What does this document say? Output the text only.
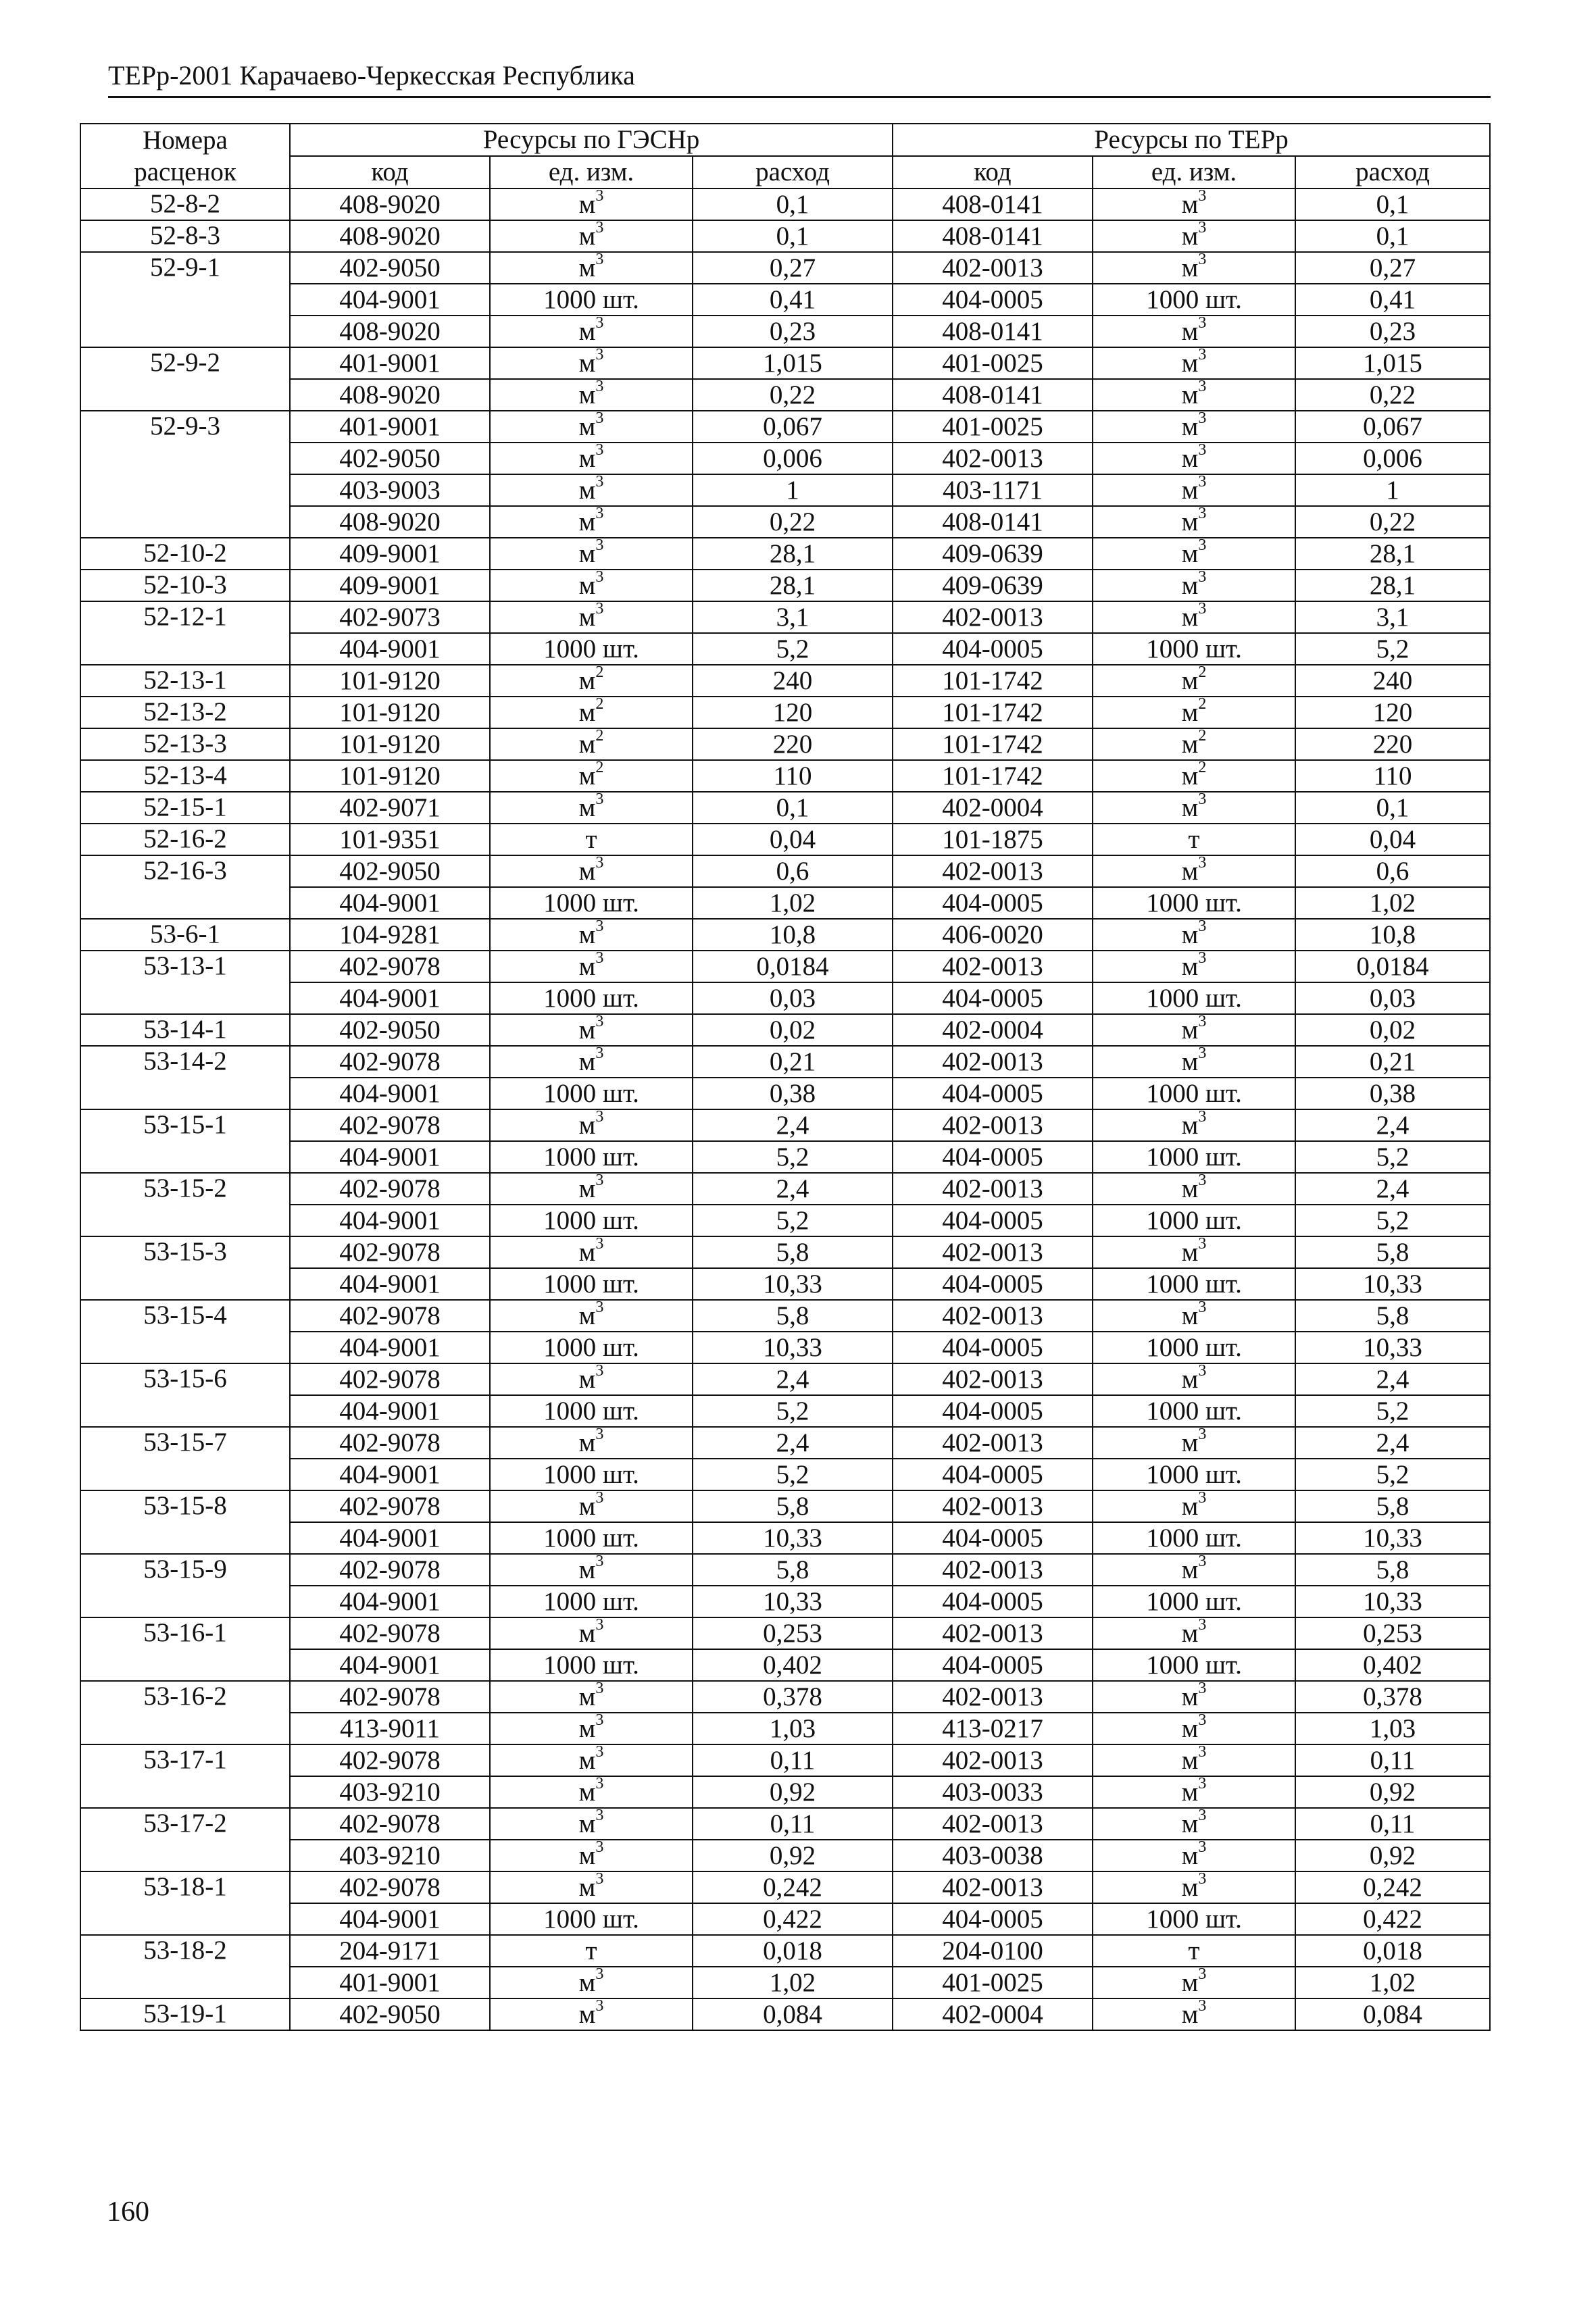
ТЕРр-2001 Карачаево-Черкесская Республика
Номера	Ресурсы по ГЭСНр			Ресурсы по ТЕРр		
расценок	код	ед. изм.	расход	код	ед. изм.	расход
52-8-2	408-9020	$м^3$	0,1	408-0141	$м^3$	0,1
52-8-3	408-9020	$м^3$	0,1	408-0141	$м^3$	0,1
52-9-1	402-9050	$м^3$	0,27	402-0013	$м^3$	0,27
	404-9001	1000 шт.	0,41	404-0005	1000 шт.	0,41
	408-9020	$м^3$	0,23	408-0141	$м^3$	0,23
52-9-2	401-9001	$м^3$	1,015	401-0025	$м^3$	1,015
	408-9020	$м^3$	0,22	408-0141	$м^3$	0,22
52-9-3	401-9001	$м^3$	0,067	401-0025	$м^3$	0,067
	402-9050	$м^3$	0,006	402-0013	$м^3$	0,006
	403-9003	$м^3$	1	403-1171	$м^3$	1
	408-9020	$м^3$	0,22	408-0141	$м^3$	0,22
52-10-2	409-9001	$м^3$	28,1	409-0639	$м^3$	28,1
52-10-3	409-9001	$м^3$	28,1	409-0639	$м^3$	28,1
52-12-1	402-9073	$м^3$	3,1	402-0013	$м^3$	3,1
	404-9001	1000 шт.	5,2	404-0005	1000 шт.	5,2
52-13-1	101-9120	$м^2$	240	101-1742	$м^2$	240
52-13-2	101-9120	$м^2$	120	101-1742	$м^2$	120
52-13-3	101-9120	$м^2$	220	101-1742	$м^2$	220
52-13-4	101-9120	$м^2$	110	101-1742	$м^2$	110
52-15-1	402-9071	$м^3$	0,1	402-0004	$м^3$	0,1
52-16-2	101-9351	т	0,04	101-1875	т	0,04
52-16-3	402-9050	$м^3$	0,6	402-0013	$м^3$	0,6
	404-9001	1000 шт.	1,02	404-0005	1000 шт.	1,02
53-6-1	104-9281	$м^3$	10,8	406-0020	$м^3$	10,8
53-13-1	402-9078	$м^3$	0,0184	402-0013	$м^3$	0,0184
	404-9001	1000 шт.	0,03	404-0005	1000 шт.	0,03
53-14-1	402-9050	$м^3$	0,02	402-0004	$м^3$	0,02
53-14-2	402-9078	$м^3$	0,21	402-0013	$м^3$	0,21
	404-9001	1000 шт.	0,38	404-0005	1000 шт.	0,38
53-15-1	402-9078	$м^3$	2,4	402-0013	$м^3$	2,4
	404-9001	1000 шт.	5,2	404-0005	1000 шт.	5,2
53-15-2	402-9078	$м^3$	2,4	402-0013	$м^3$	2,4
	404-9001	1000 шт.	5,2	404-0005	1000 шт.	5,2
53-15-3	402-9078	$м^3$	5,8	402-0013	$м^3$	5,8
	404-9001	1000 шт.	10,33	404-0005	1000 шт.	10,33
53-15-4	402-9078	$м^3$	5,8	402-0013	$м^3$	5,8
	404-9001	1000 шт.	10,33	404-0005	1000 шт.	10,33
53-15-6	402-9078	$м^3$	2,4	402-0013	$м^3$	2,4
	404-9001	1000 шт.	5,2	404-0005	1000 шт.	5,2
53-15-7	402-9078	$м^3$	2,4	402-0013	$м^3$	2,4
	404-9001	1000 шт.	5,2	404-0005	1000 шт.	5,2
53-15-8	402-9078	$м^3$	5,8	402-0013	$м^3$	5,8
	404-9001	1000 шт.	10,33	404-0005	1000 шт.	10,33
53-15-9	402-9078	$м^3$	5,8	402-0013	$м^3$	5,8
	404-9001	1000 шт.	10,33	404-0005	1000 шт.	10,33
53-16-1	402-9078	$м^3$	0,253	402-0013	$м^3$	0,253
	404-9001	1000 шт.	0,402	404-0005	1000 шт.	0,402
53-16-2	402-9078	$м^3$	0,378	402-0013	$м^3$	0,378
	413-9011	$м^3$	1,03	413-0217	$м^3$	1,03
53-17-1	402-9078	$м^3$	0,11	402-0013	$м^3$	0,11
	403-9210	$м^3$	0,92	403-0033	$м^3$	0,92
53-17-2	402-9078	$м^3$	0,11	402-0013	$м^3$	0,11
	403-9210	$м^3$	0,92	403-0038	$м^3$	0,92
53-18-1	402-9078	$м^3$	0,242	402-0013	$м^3$	0,242
	404-9001	1000 шт.	0,422	404-0005	1000 шт.	0,422
53-18-2	204-9171	т	0,018	204-0100	т	0,018
	401-9001	$м^3$	1,02	401-0025	$м^3$	1,02
53-19-1	402-9050	$м^3$	0,084	402-0004	$м^3$	0,084
160
